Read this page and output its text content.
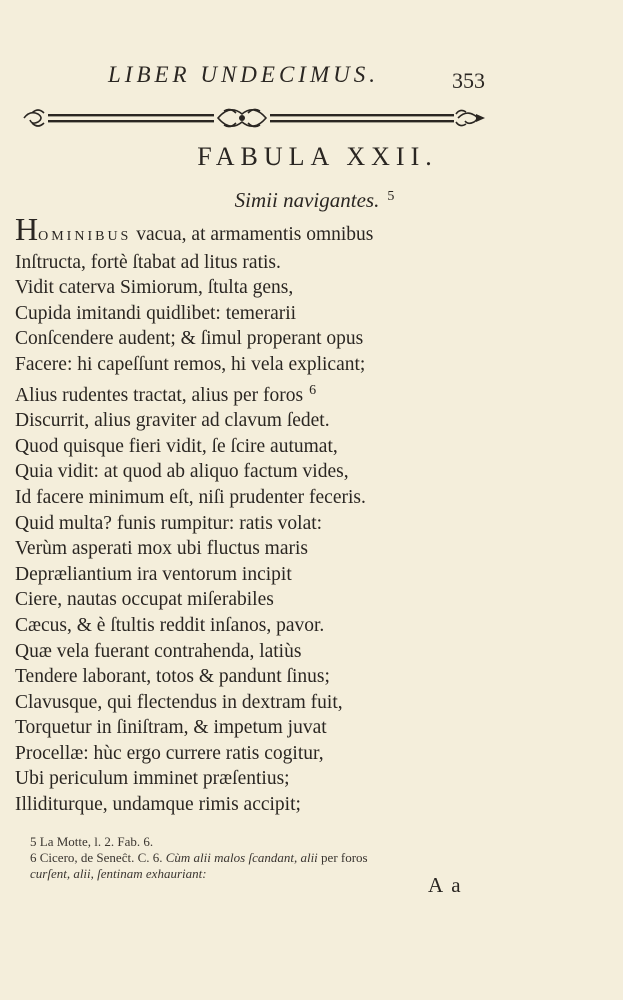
LIBER UNDECIMUS.	353
FABULA XXII.
Simii navigantes. $^5$
HOMINIBUS vacua, at armamentis omnibus
Inſtructa, fortè ſtabat ad litus ratis.
Vidit caterva Simiorum, ſtulta gens,
Cupida imitandi quidlibet: temerarii
Conſcendere audent; & ſimul properant opus
Facere: hi capeſſunt remos, hi vela explicant;
Alius rudentes tractat, alius per foros $^6$
Discurrit, alius graviter ad clavum ſedet.
Quod quisque fieri vidit, ſe ſcire autumat,
Quia vidit: at quod ab aliquo factum vides,
Id facere minimum eſt, niſi prudenter feceris.
Quid multa? funis rumpitur: ratis volat:
Verùm asperati mox ubi fluctus maris
Depræliantium ira ventorum incipit
Ciere, nautas occupat miſerabiles
Cæcus, & è ſtultis reddit inſanos, pavor.
Quæ vela fuerant contrahenda, latiùs
Tendere laborant, totos & pandunt ſinus;
Clavusque, qui flectendus in dextram fuit,
Torquetur in ſiniſtram, & impetum juvat
Procellæ: hùc ergo currere ratis cogitur,
Ubi periculum imminet præſentius;
Illiditurque, undamque rimis accipit;
5 La Motte, l. 2. Fab. 6.
6 Cicero, de Seneĉt. C. 6. Cùm alii malos ſcandant, alii per foros
curſent, alii, ſentinam exhauriant:	A a
